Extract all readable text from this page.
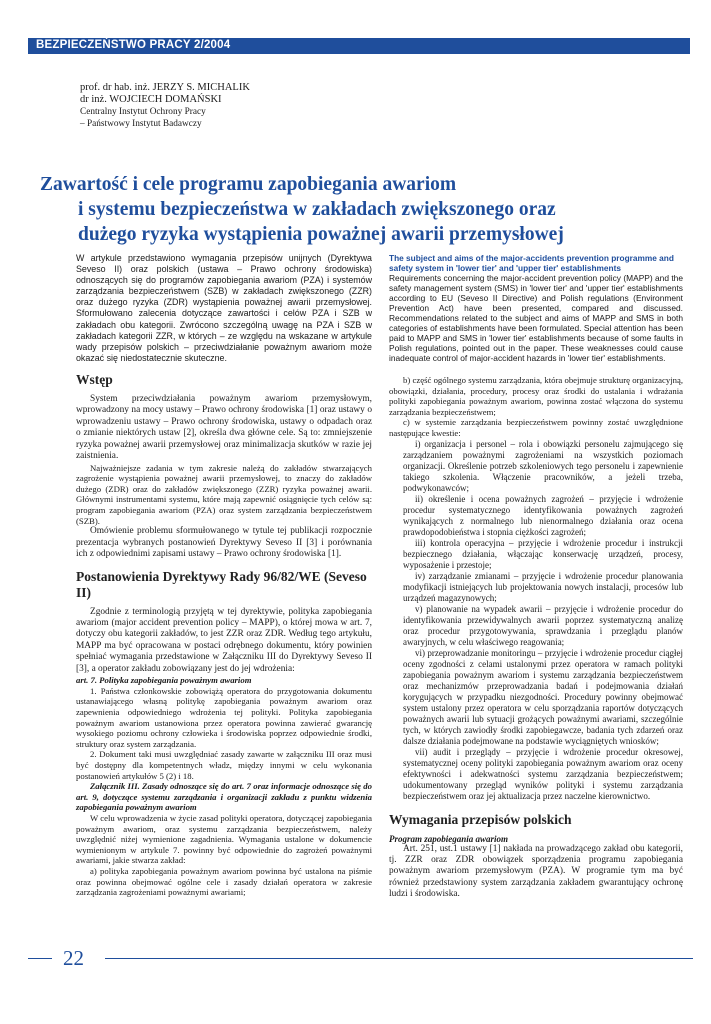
BEZPIECZEŃSTWO PRACY 2/2004
prof. dr hab. inż. JERZY S. MICHALIK
dr inż. WOJCIECH DOMAŃSKI
Centralny Instytut Ochrony Pracy
– Państwowy Instytut Badawczy
Zawartość i cele programu zapobiegania awariom
i systemu bezpieczeństwa w zakładach zwiększonego oraz
dużego ryzyka wystąpienia poważnej awarii przemysłowej
W artykule przedstawiono wymagania przepisów unijnych (Dyrektywa Seveso II) oraz polskich (ustawa – Prawo ochrony środowiska) odnoszących się do programów zapobiegania awariom (PZA) i systemów zarządzania bezpieczeństwem (SZB) w zakładach zwiększonego (ZZR) oraz dużego ryzyka (ZDR) wystąpienia poważnej awarii przemysłowej. Sformułowano zalecenia dotyczące zawartości i celów PZA i SZB w zakładach obu kategorii. Zwrócono szczególną uwagę na PZA i SZB w zakładach kategorii ZZR, w których – ze względu na wskazane w artykule wady przepisów polskich – przeciwdziałanie poważnym awariom może okazać się niedostatecznie skuteczne.
Wstęp

System przeciwdziałania poważnym awariom przemysłowym, wprowadzony na mocy ustawy – Prawo ochrony środowiska [1] oraz ustawy o wprowadzeniu ustawy – Prawo ochrony środowiska, ustawy o odpadach oraz o zmianie niektórych ustaw [2], określa dwa główne cele. Są to: zmniejszenie ryzyka poważnej awarii przemysłowej oraz minimalizacja skutków w razie jej zaistnienia.

Najważniejsze zadania w tym zakresie należą do zakładów stwarzających zagrożenie wystąpienia poważnej awarii przemysłowej, to znaczy do zakładów dużego (ZDR) oraz do zakładów zwiększonego (ZZR) ryzyka poważnej awarii. Głównymi instrumentami systemu, które mają zapewnić osiągnięcie tych celów są: program zapobiegania awariom (PZA) oraz system zarządzania bezpieczeństwem (SZB).

Omówienie problemu sformułowanego w tytule tej publikacji rozpocznie prezentacja wybranych postanowień Dyrektywy Seveso II [3] i porównania ich z odpowiednimi zapisami ustawy – Prawo ochrony środowiska [1].

Postanowienia Dyrektywy Rady 96/82/WE (Seveso II)

Zgodnie z terminologią przyjętą w tej dyrektywie, polityka zapobiegania awariom (major accident prevention policy – MAPP), o której mowa w art. 7, dotyczy obu kategorii zakładów, to jest ZZR oraz ZDR. Według tego artykułu, MAPP ma być opracowana w postaci odrębnego dokumentu, który powinien spełniać wymagania przedstawione w Załączniku III do Dyrektywy Seveso II [3], a operator zakładu zobowiązany jest do jej wdrożenia:

art. 7. Polityka zapobiegania poważnym awariom

1. Państwa członkowskie zobowiążą operatora do przygotowania dokumentu ustanawiającego własną politykę zapobiegania poważnym awariom oraz zapewnienia odpowiedniego wdrożenia tej polityki. Polityka zapobiegania poważnym awariom ustanowiona przez operatora powinna zawierać gwarancję wysokiego poziomu ochrony człowieka i środowiska poprzez odpowiednie środki, struktury oraz system zarządzania.

2. Dokument taki musi uwzględniać zasady zawarte w załączniku III oraz musi być dostępny dla kompetentnych władz, między innymi w celu wykonania postanowień artykułów 5 (2) i 18.

Załącznik III. Zasady odnoszące się do art. 7 oraz informacje odnoszące się do art. 9, dotyczące systemu zarządzania i organizacji zakładu z punktu widzenia zapobiegania poważnym awariom

W celu wprowadzenia w życie zasad polityki operatora, dotyczącej zapobiegania poważnym awariom, oraz systemu zarządzania bezpieczeństwem, należy uwzględnić niżej wymienione zagadnienia. Wymagania ustalone w dokumencie wymienionym w artykule 7. powinny być odpowiednie do zagrożeń poważnymi awariami, jakie stwarza zakład:

a) polityka zapobiegania poważnym awariom powinna być ustalona na piśmie oraz powinna obejmować ogólne cele i zasady działań operatora w zakresie zarządzania zagrożeniami poważnymi awariami;

The subject and aims of the major-accidents prevention programme and safety system in 'lower tier' and 'upper tier' establishments
Requirements concerning the major-accident prevention policy (MAPP) and the safety management system (SMS) in 'lower tier' and 'upper tier' establishments according to EU (Seveso II Directive) and Polish regulations (Environment Prevention Act) have been presented, compared and discussed. Recommendations related to the subject and aims of MAPP and SMS in both categories of establishments have been formulated. Special attention has been paid to MAPP and SMS in 'lower tier' establishments because of some faults in Polish regulations, pointed out in the paper. These weaknesses could cause inadequate control of major-accident hazards in 'lower tier' establishments.

b) część ogólnego systemu zarządzania, która obejmuje strukturę organizacyjną, obowiązki, działania, procedury, procesy oraz środki do ustalania i wdrażania polityki zapobiegania poważnym awariom, powinna zostać włączona do systemu zarządzania bezpieczeństwem;

c) w systemie zarządzania bezpieczeństwem powinny zostać uwzględnione następujące kwestie:

i) organizacja i personel – rola i obowiązki personelu zajmującego się zarządzaniem poważnymi zagrożeniami na wszystkich poziomach organizacji. Określenie potrzeb szkoleniowych tego personelu i zapewnienie takiego szkolenia. Włączenie pracowników, a jeżeli trzeba, podwykonawców;

ii) określenie i ocena poważnych zagrożeń – przyjęcie i wdrożenie procedur systematycznego identyfikowania poważnych zagrożeń wynikających z normalnego lub nienormalnego działania oraz ocena prawdopodobieństwa i stopnia ciężkości zagrożeń;

iii) kontrola operacyjna – przyjęcie i wdrożenie procedur i instrukcji bezpiecznego działania, włączając konserwację urządzeń, procesy, wyposażenie i przestoje;

iv) zarządzanie zmianami – przyjęcie i wdrożenie procedur planowania modyfikacji istniejących lub projektowania nowych instalacji, procesów lub urządzeń magazynowych;

v) planowanie na wypadek awarii – przyjęcie i wdrożenie procedur do identyfikowania przewidywalnych awarii poprzez systematyczną analizę oraz procedur przygotowywania, sprawdzania i przeglądu planów awaryjnych, w celu właściwego reagowania;

vi) przeprowadzanie monitoringu – przyjęcie i wdrożenie procedur ciągłej oceny zgodności z celami ustalonymi przez operatora w ramach polityki zapobiegania poważnym awariom i systemu zarządzania bezpieczeństwem oraz mechanizmów przeprowadzania badań i podejmowania działań korygujących w przypadku niezgodności. Procedury powinny obejmować system ustalony przez operatora w celu sporządzania raportów dotyczących poważnych awarii lub sytuacji grożących poważnymi awariami, szczególnie tych, w których zawiodły środki zapobiegawcze, badania tych zdarzeń oraz dalsze działania podejmowane na podstawie wyciągniętych wniosków;

vii) audit i przeglądy – przyjęcie i wdrożenie procedur okresowej, systematycznej oceny polityki zapobiegania poważnym awariom oraz oceny efektywności i adekwatności systemu zarządzania bezpieczeństwem; udokumentowany przegląd wyników polityki i systemu zarządzania bezpieczeństwem oraz jej aktualizacja przez naczelne kierownictwo.

Wymagania przepisów polskich
Program zapobiegania awariom

Art. 251, ust.1 ustawy [1] nakłada na prowadzącego zakład obu kategorii, tj. ZZR oraz ZDR obowiązek sporządzenia programu zapobiegania poważnym awariom przemysłowym (PZA). W programie tym ma być również przedstawiony system zarządzania zakładem gwarantujący ochronę ludzi i środowiska.

22
